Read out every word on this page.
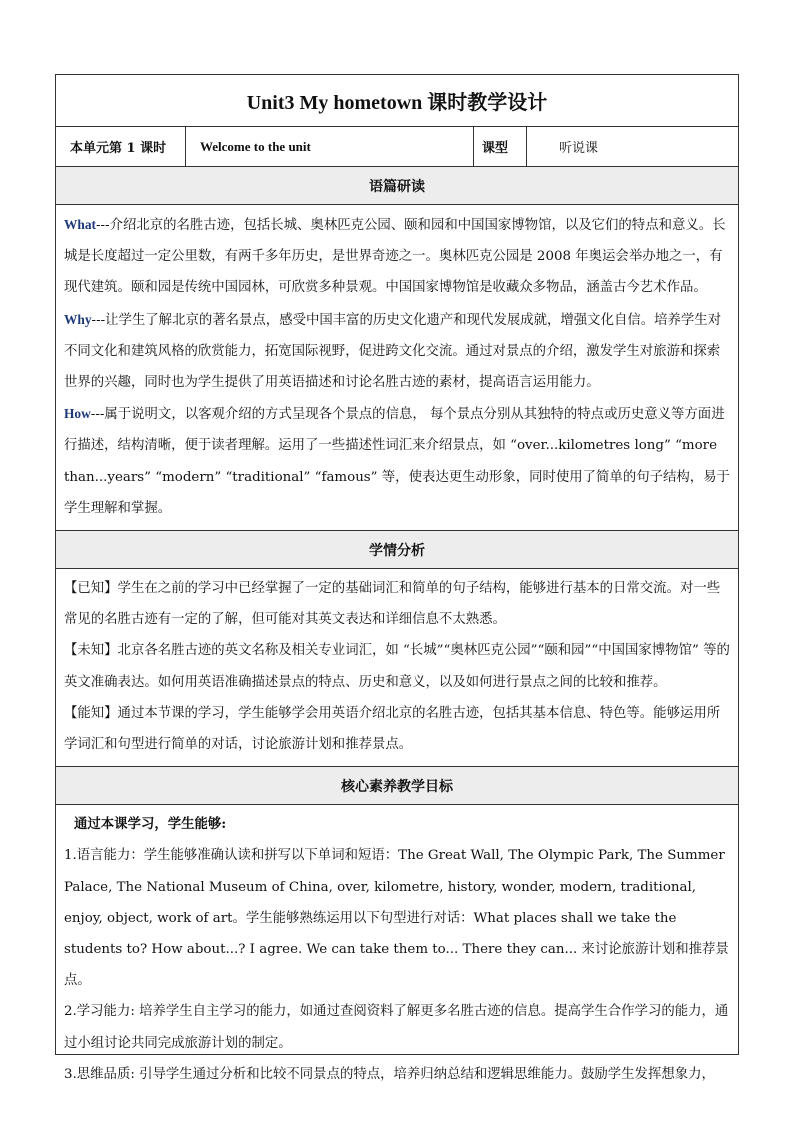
Unit3 My hometown 课时教学设计
本单元第 1 课时	Welcome to the unit	课型	听说课
语篇研读

What---介绍北京的名胜古迹，包括长城、奥林匹克公园、颐和园和中国国家博物馆，以及它们的特点和意义。长城是长度超过一定公里数，有两千多年历史，是世界奇迹之一。奥林匹克公园是 2008 年奥运会举办地之一，有现代建筑。颐和园是传统中国园林，可欣赏多种景观。中国国家博物馆是收藏众多物品，涵盖古今艺术作品。

Why---让学生了解北京的著名景点，感受中国丰富的历史文化遗产和现代发展成就，增强文化自信。培养学生对不同文化和建筑风格的欣赏能力，拓宽国际视野，促进跨文化交流。通过对景点的介绍，激发学生对旅游和探索世界的兴趣，同时也为学生提供了用英语描述和讨论名胜古迹的素材，提高语言运用能力。

How---属于说明文，以客观介绍的方式呈现各个景点的信息， 每个景点分别从其独特的特点或历史意义等方面进行描述，结构清晰，便于读者理解。运用了一些描述性词汇来介绍景点，如 “over...kilometres long” “more than...years” “modern” “traditional” “famous” 等，使表达更生动形象，同时使用了简单的句子结构，易于学生理解和掌握。

学情分析

【已知】学生在之前的学习中已经掌握了一定的基础词汇和简单的句子结构，能够进行基本的日常交流。对一些常见的名胜古迹有一定的了解，但可能对其英文表达和详细信息不太熟悉。

【未知】北京各名胜古迹的英文名称及相关专业词汇，如 “长城”“奥林匹克公园”“颐和园”“中国国家博物馆” 等的英文准确表达。如何用英语准确描述景点的特点、历史和意义，以及如何进行景点之间的比较和推荐。

【能知】通过本节课的学习，学生能够学会用英语介绍北京的名胜古迹，包括其基本信息、特色等。能够运用所学词汇和句型进行简单的对话，讨论旅游计划和推荐景点。

核心素养教学目标

通过本课学习，学生能够:

1.语言能力：学生能够准确认读和拼写以下单词和短语：The Great Wall, The Olympic Park, The Summer Palace, The National Museum of China, over, kilometre, history, wonder, modern, traditional, enjoy, object, work of art。学生能够熟练运用以下句型进行对话：What places shall we take the students to? How about...? I agree. We can take them to... There they can... 来讨论旅游计划和推荐景点。

2.学习能力: 培养学生自主学习的能力，如通过查阅资料了解更多名胜古迹的信息。提高学生合作学习的能力，通过小组讨论共同完成旅游计划的制定。

3.思维品质: 引导学生通过分析和比较不同景点的特点，培养归纳总结和逻辑思维能力。鼓励学生发挥想象力，
